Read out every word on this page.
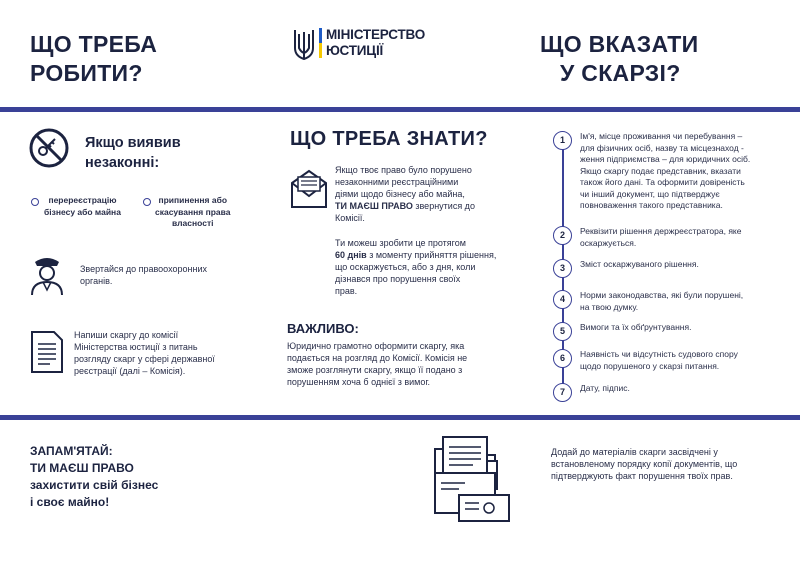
ЩО ТРЕБА
РОБИТИ?
МІНІСТЕРСТВО
ЮСТИЦІЇ	ЩО ВКАЗАТИ
У СКАРЗІ?
Якщо виявив
незаконні:
перереєстрацію
бізнесу або майна
припинення або
скасування права
власності
Звертайся до правоохоронних
органів.
Напиши скаргу до комісії
Міністерства юстиції з питань
розгляду скарг у сфері державної
реєстрації (далі – Комісія).
ЩО ТРЕБА ЗНАТИ?
Якщо твоє право було порушено
незаконними реєстраційними
діями щодо бізнесу або майна,
ТИ МАЄШ ПРАВО звернутися до
Комісії.
Ти можеш зробити це протягом
60 днів з моменту прийняття рішення,
що оскаржується, або з дня, коли
дізнався про порушення своїх
прав.
ВАЖЛИВО:
Юридично грамотно оформити скаргу, яка
подається на розгляд до Комісії. Комісія не
зможе розглянути скаргу, якщо її подано з
порушенням хоча б однієї з вимог.
1	Ім'я, місце проживання чи перебування –
для фізичних осіб, назву та місцезнаход -
ження підприємства – для юридичних осіб.
Якщо скаргу подає представник, вказати
також його дані. Та оформити довіреність
чи інший документ, що підтверджує
повноваження такого представника.
2	Реквізити рішення держреєстратора, яке
оскаржується.
3	Зміст оскаржуваного рішення.
4	Норми законодавства, які були порушені,
на твою думку.
5	Вимоги та їх обґрунтування.
6	Наявність чи відсутність судового спору
щодо порушеного у скарзі питання.
7	Дату, підпис.
ЗАПАМ'ЯТАЙ:
ТИ МАЄШ ПРАВО
захистити свій бізнес
і своє майно!
Додай до матеріалів скарги засвідчені у
встановленому порядку копії документів, що
підтверджують факт порушення твоїх прав.
